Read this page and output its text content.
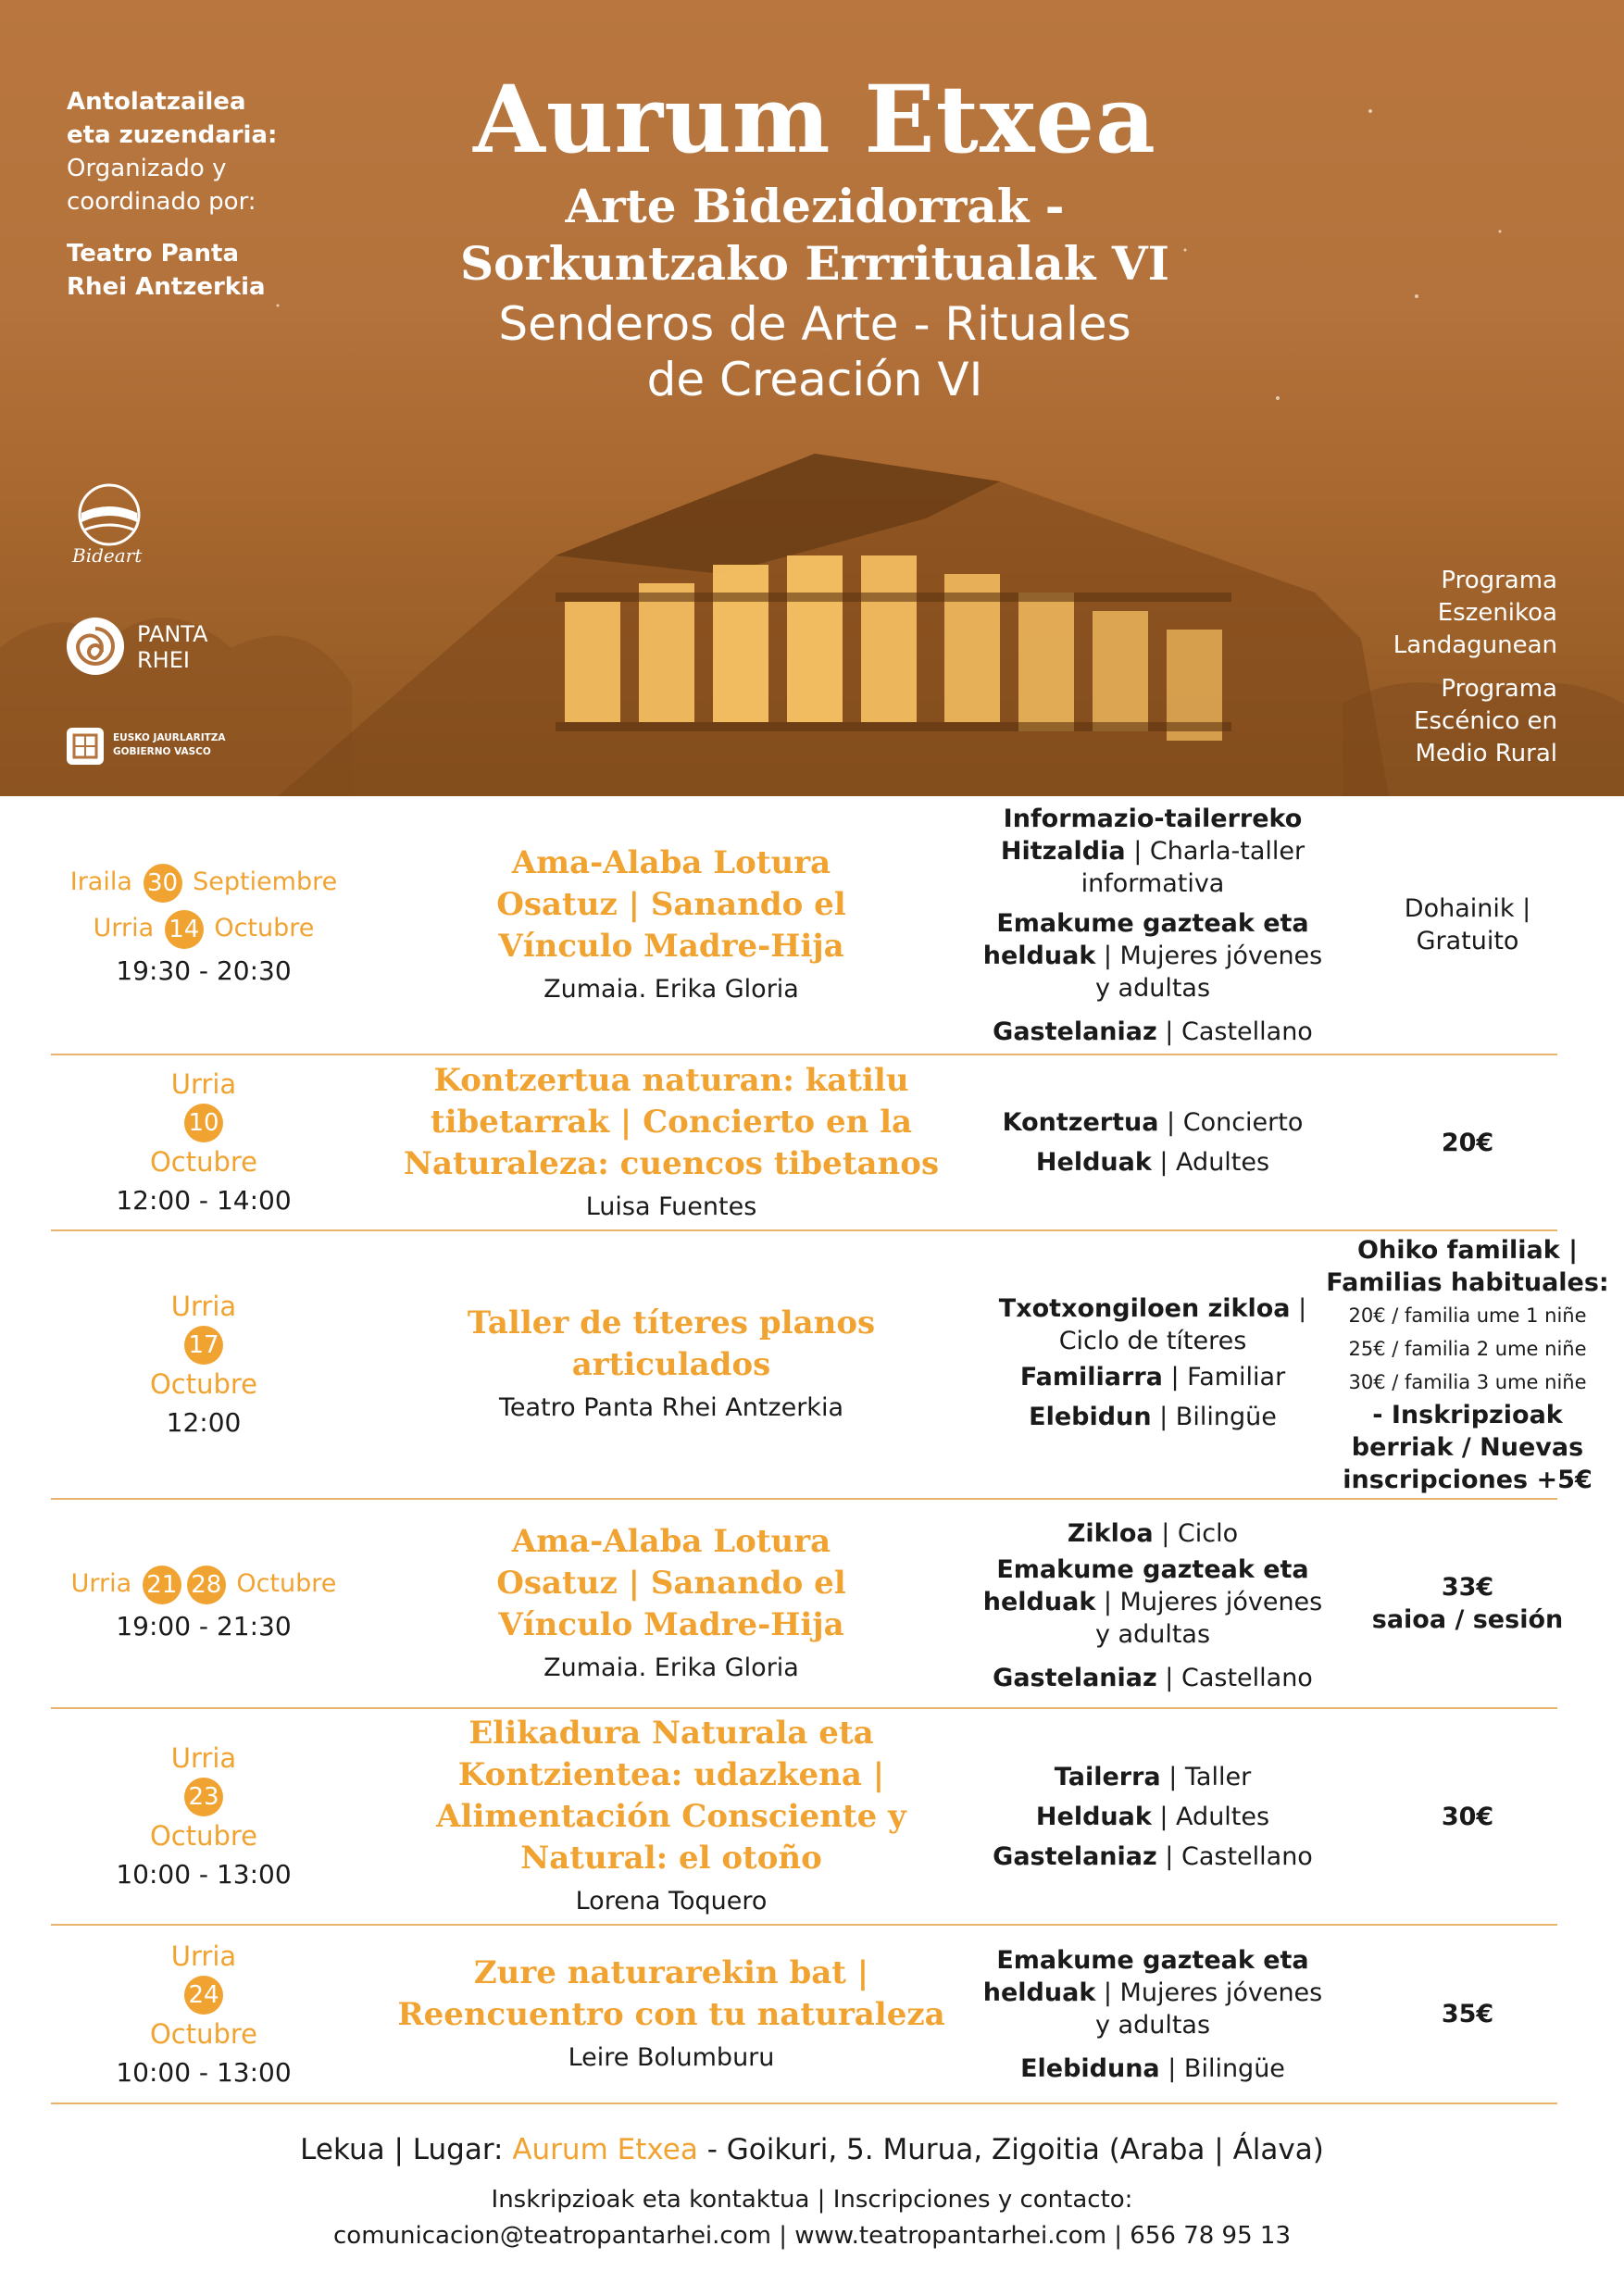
Antolatzailea
eta zuzendaria:
Organizado y
coordinado por:
Teatro Panta
Rhei Antzerkia
Aurum Etxea
Arte Bidezidorrak -
Sorkuntzako Errritualak VI
Senderos de Arte - Rituales
de Creación VI
Programa
Eszenikoa
Landagunean
Programa
Escénico en
Medio Rural
Bideart
PANTA
RHEI
EUSKO JAURLARITZA
GOBIERNO VASCO
Iraila 30 Septiembre
Urria 14 Octubre
19:30 - 20:30
Ama-Alaba Lotura
Osatuz | Sanando el
Vínculo Madre-Hija
Zumaia. Erika Gloria
Informazio-tailerreko
Hitzaldia | Charla-taller
informativa
Emakume gazteak eta
helduak | Mujeres jóvenes
y adultas
Gastelaniaz | Castellano
Dohainik |
Gratuito
Urria
10
Octubre
12:00 - 14:00
Kontzertua naturan: katilu
tibetarrak | Concierto en la
Naturaleza: cuencos tibetanos
Luisa Fuentes
Kontzertua | Concierto
Helduak | Adultes
20€
Urria
17
Octubre
12:00
Taller de títeres planos
articulados
Teatro Panta Rhei Antzerkia
Txotxongiloen zikloa |
Ciclo de títeres
Familiarra | Familiar
Elebidun | Bilingüe
Ohiko familiak |
Familias habituales:
20€ / familia ume 1 niñe
25€ / familia 2 ume niñe
30€ / familia 3 ume niñe
- Inskripzioak
berriak / Nuevas
inscripciones +5€
Urria 21 28 Octubre
19:00 - 21:30
Ama-Alaba Lotura
Osatuz | Sanando el
Vínculo Madre-Hija
Zumaia. Erika Gloria
Zikloa | Ciclo
Emakume gazteak eta
helduak | Mujeres jóvenes
y adultas
Gastelaniaz | Castellano
33€
saioa / sesión
Urria
23
Octubre
10:00 - 13:00
Elikadura Naturala eta
Kontzientea: udazkena |
Alimentación Consciente y
Natural: el otoño
Lorena Toquero
Tailerra | Taller
Helduak | Adultes
Gastelaniaz | Castellano
30€
Urria
24
Octubre
10:00 - 13:00
Zure naturarekin bat |
Reencuentro con tu naturaleza
Leire Bolumburu
Emakume gazteak eta
helduak | Mujeres jóvenes
y adultas
Elebiduna | Bilingüe
35€
Lekua | Lugar: Aurum Etxea - Goikuri, 5. Murua, Zigoitia (Araba | Álava)
Inskripzioak eta kontaktua | Inscripciones y contacto:
comunicacion@teatropantarhei.com | www.teatropantarhei.com | 656 78 95 13
